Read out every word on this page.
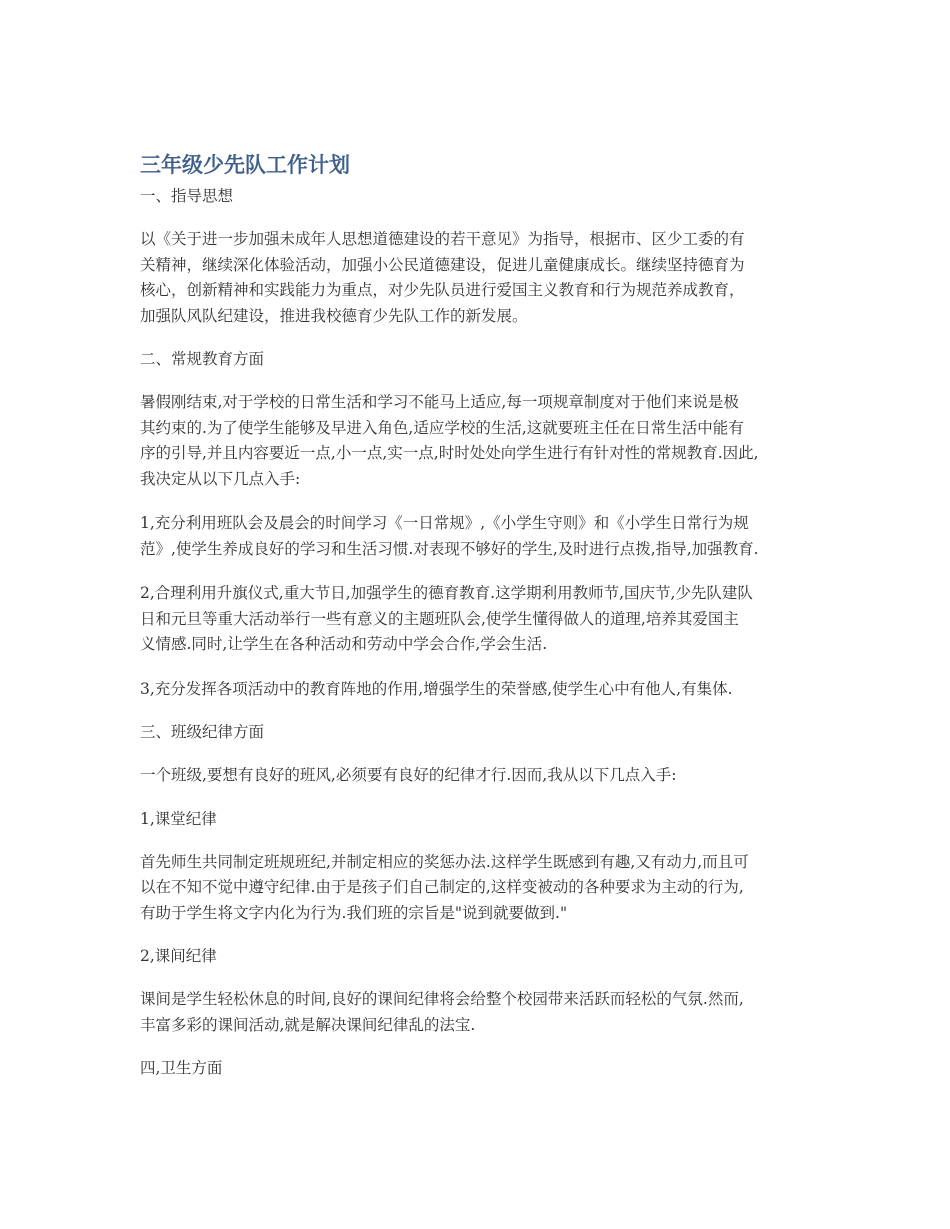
三年级少先队工作计划
一、指导思想
以《关于进一步加强未成年人思想道德建设的若干意见》为指导，根据市、区少工委的有
关精神，继续深化体验活动，加强小公民道德建设，促进儿童健康成长。继续坚持德育为
核心，创新精神和实践能力为重点，对少先队员进行爱国主义教育和行为规范养成教育，
加强队风队纪建设，推进我校德育少先队工作的新发展。
二、常规教育方面
暑假刚结束,对于学校的日常生活和学习不能马上适应,每一项规章制度对于他们来说是极
其约束的.为了使学生能够及早进入角色,适应学校的生活,这就要班主任在日常生活中能有
序的引导,并且内容要近一点,小一点,实一点,时时处处向学生进行有针对性的常规教育.因此,
我决定从以下几点入手:
1,充分利用班队会及晨会的时间学习《一日常规》,《小学生守则》和《小学生日常行为规
范》,使学生养成良好的学习和生活习惯.对表现不够好的学生,及时进行点拨,指导,加强教育.
2,合理利用升旗仪式,重大节日,加强学生的德育教育.这学期利用教师节,国庆节,少先队建队
日和元旦等重大活动举行一些有意义的主题班队会,使学生懂得做人的道理,培养其爱国主
义情感.同时,让学生在各种活动和劳动中学会合作,学会生活.
3,充分发挥各项活动中的教育阵地的作用,增强学生的荣誉感,使学生心中有他人,有集体.
三、班级纪律方面
一个班级,要想有良好的班风,必须要有良好的纪律才行.因而,我从以下几点入手:
1,课堂纪律
首先师生共同制定班规班纪,并制定相应的奖惩办法.这样学生既感到有趣,又有动力,而且可
以在不知不觉中遵守纪律.由于是孩子们自己制定的,这样变被动的各种要求为主动的行为,
有助于学生将文字内化为行为.我们班的宗旨是"说到就要做到."
2,课间纪律
课间是学生轻松休息的时间,良好的课间纪律将会给整个校园带来活跃而轻松的气氛.然而,
丰富多彩的课间活动,就是解决课间纪律乱的法宝.
四,卫生方面
